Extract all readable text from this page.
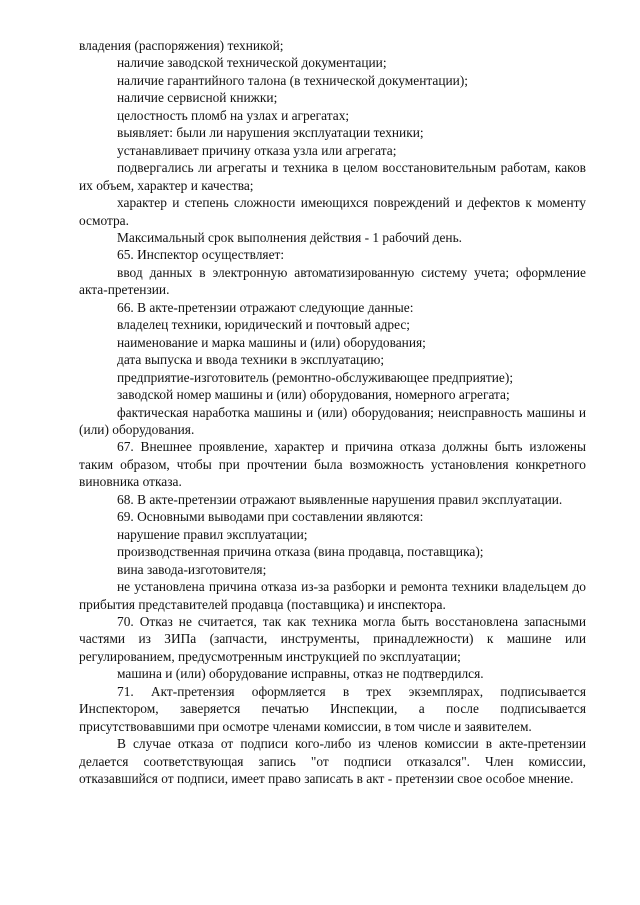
владения (распоряжения) техникой;

наличие заводской технической документации;

наличие гарантийного талона (в технической документации);

наличие сервисной книжки;

целостность пломб на узлах и агрегатах;

выявляет: были ли нарушения эксплуатации техники;

устанавливает причину отказа узла или агрегата;

подвергались ли агрегаты и техника в целом восстановительным работам, каков их объем, характер и качества;

характер и степень сложности имеющихся повреждений и дефектов к моменту осмотра.

Максимальный срок выполнения действия - 1 рабочий день.

65. Инспектор осуществляет:

ввод данных в электронную автоматизированную систему учета; оформление акта-претензии.

66. В акте-претензии отражают следующие данные:

владелец техники, юридический и почтовый адрес;

наименование и марка машины и (или) оборудования;

дата выпуска и ввода техники в эксплуатацию;

предприятие-изготовитель (ремонтно-обслуживающее предприятие);

заводской номер машины и (или) оборудования, номерного агрегата;

фактическая наработка машины и (или) оборудования; неисправность машины и (или) оборудования.

67. Внешнее проявление, характер и причина отказа должны быть изложены таким образом, чтобы при прочтении была возможность установления конкретного виновника отказа.

68. В акте-претензии отражают выявленные нарушения правил эксплуатации.

69. Основными выводами при составлении являются:

нарушение правил эксплуатации;

производственная причина отказа (вина продавца, поставщика);

вина завода-изготовителя;

не установлена причина отказа из-за разборки и ремонта техники владельцем до прибытия представителей продавца (поставщика) и инспектора.

70. Отказ не считается, так как техника могла быть восстановлена запасными частями из ЗИПа (запчасти, инструменты, принадлежности) к машине или регулированием, предусмотренным инструкцией по эксплуатации;

машина и (или) оборудование исправны, отказ не подтвердился.

71. Акт-претензия оформляется в трех экземплярах, подписывается Инспектором, заверяется печатью Инспекции, а после подписывается присутствовавшими при осмотре членами комиссии, в том числе и заявителем.

В случае отказа от подписи кого-либо из членов комиссии в акте-претензии делается соответствующая запись "от подписи отказался". Член комиссии, отказавшийся от подписи, имеет право записать в акт - претензии свое особое мнение.
